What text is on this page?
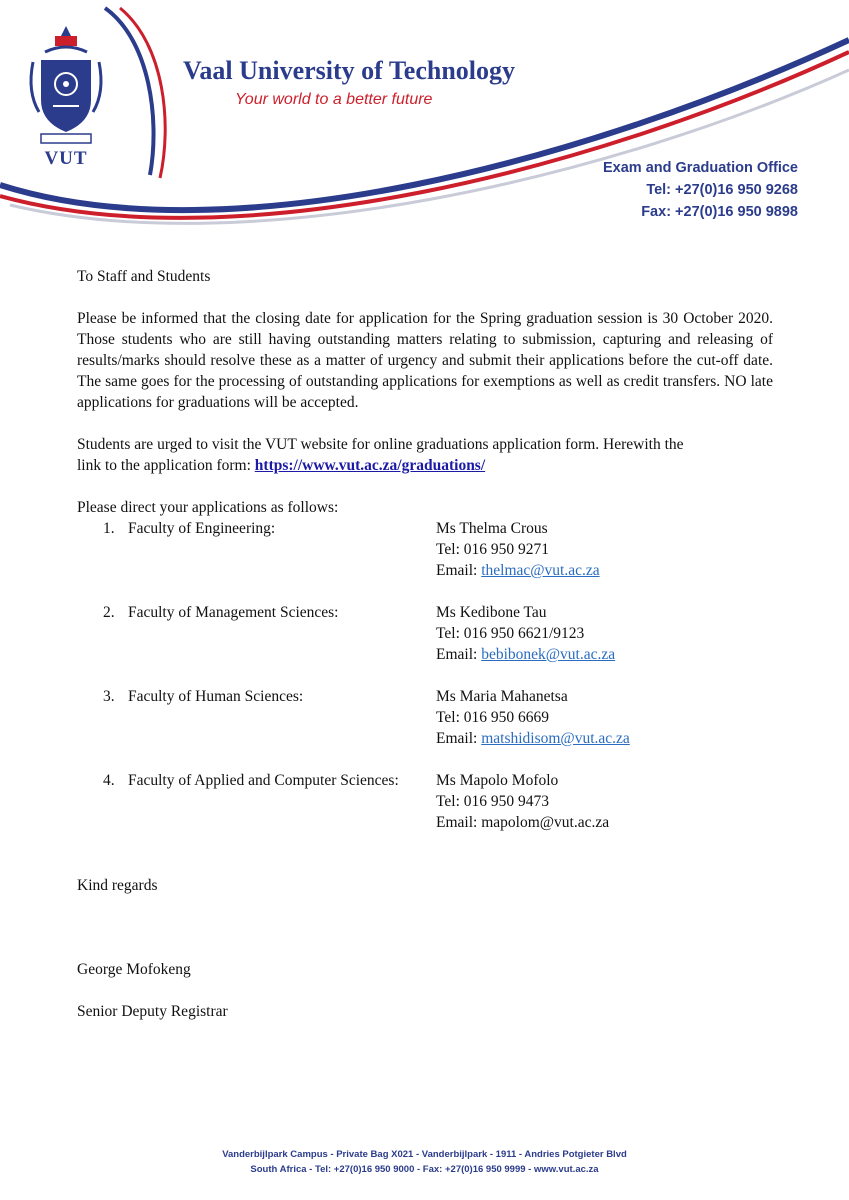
VUT
Vaal University of Technology
Your world to a better future
Exam and Graduation Office
Tel: +27(0)16 950 9268
Fax: +27(0)16 950 9898

To Staff and Students

Please be informed that the closing date for application for the Spring graduation session is 30 October 2020. Those students who are still having outstanding matters relating to submission, capturing and releasing of results/marks should resolve these as a matter of urgency and submit their applications before the cut-off date. The same goes for the processing of outstanding applications for exemptions as well as credit transfers. NO late applications for graduations will be accepted.

Students are urged to visit the VUT website for online graduations application form. Herewith the
link to the application form: https://www.vut.ac.za/graduations/

Please direct your applications as follows:

1. Faculty of Engineering:	Ms Thelma Crous
Tel: 016 950 9271
Email: thelmac@vut.ac.za
2. Faculty of Management Sciences:	Ms Kedibone Tau
Tel: 016 950 6621/9123
Email: bebibonek@vut.ac.za
3. Faculty of Human Sciences:	Ms Maria Mahanetsa
Tel: 016 950 6669
Email: matshidisom@vut.ac.za
4. Faculty of Applied and Computer Sciences: Ms Mapolo Mofolo
Tel: 016 950 9473
Email: mapolom@vut.ac.za

Kind regards

George Mofokeng

Senior Deputy Registrar

Vanderbijlpark Campus - Private Bag X021 - Vanderbijlpark - 1911 - Andries Potgieter Blvd
South Africa - Tel: +27(0)16 950 9000 - Fax: +27(0)16 950 9999 - www.vut.ac.za
